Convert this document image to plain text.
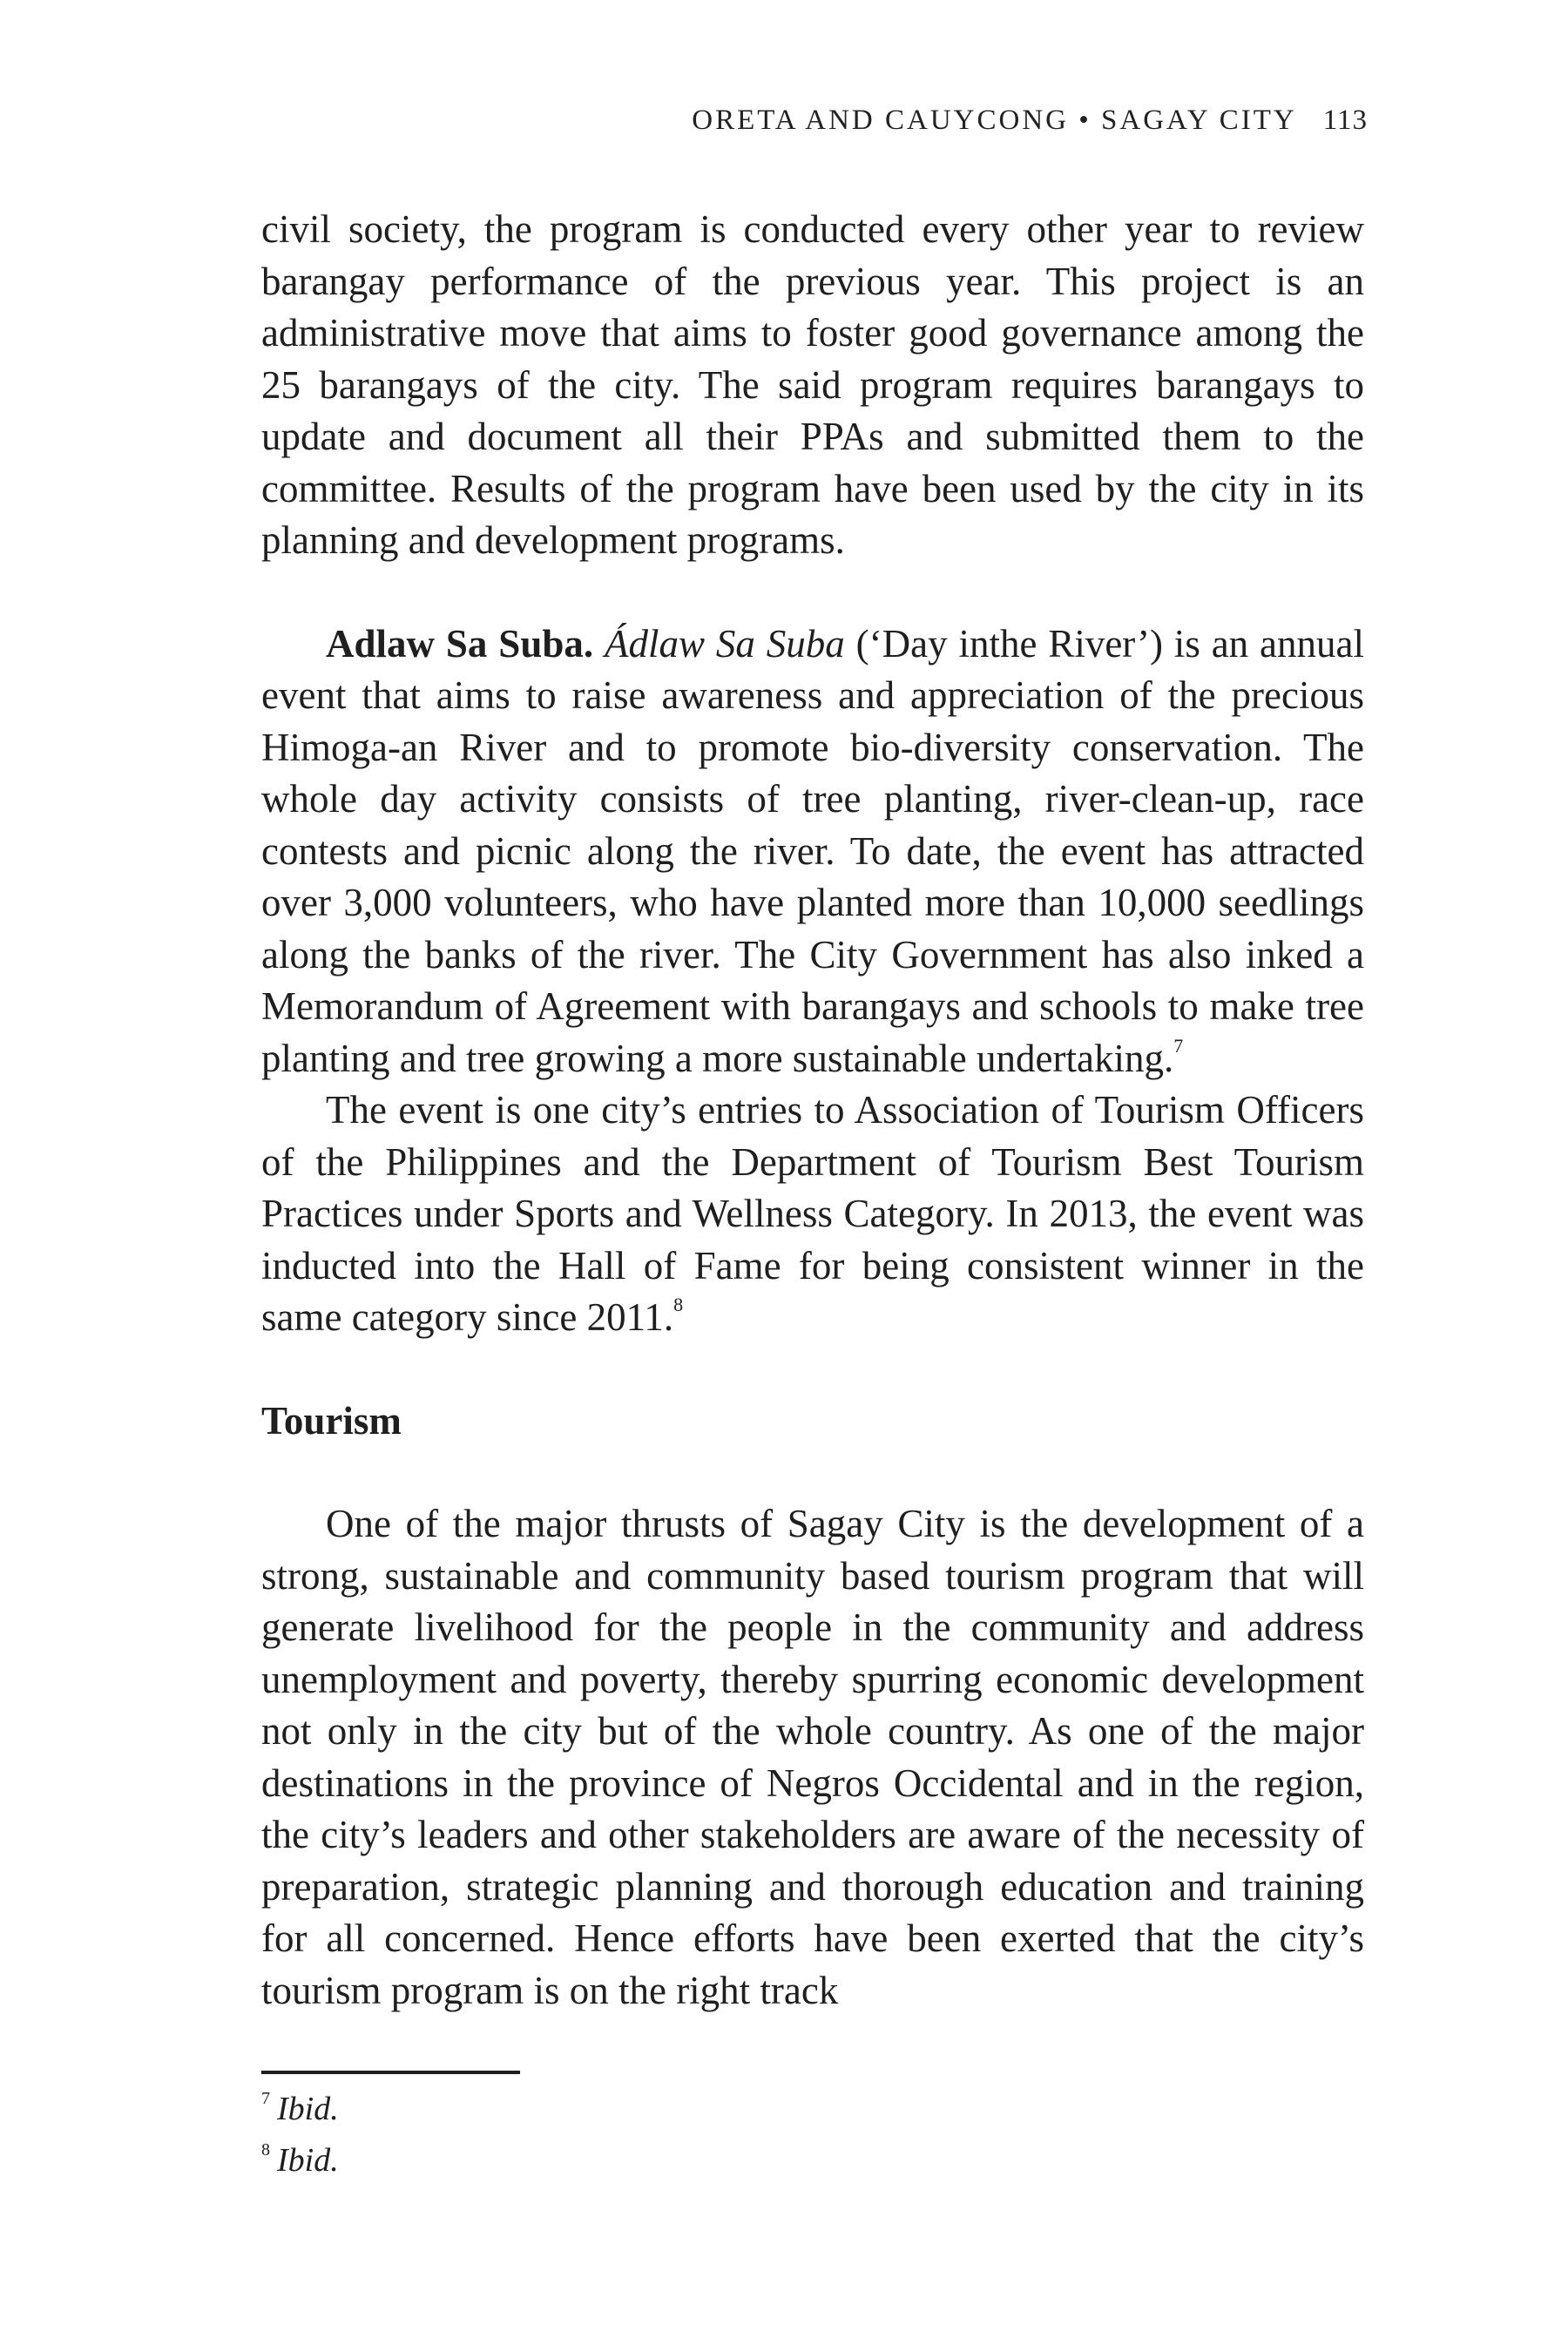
ORETA AND CAUYCONG • SAGAY CITY 113

civil society, the program is conducted every other year to review barangay performance of the previous year. This project is an administrative move that aims to foster good governance among the 25 barangays of the city. The said program requires barangays to update and document all their PPAs and submitted them to the committee. Results of the program have been used by the city in its planning and development programs.

Adlaw Sa Suba. Ádlaw Sa Suba (‘Day inthe River’) is an annual event that aims to raise awareness and appreciation of the precious Himoga-an River and to promote bio-diversity conservation. The whole day activity consists of tree planting, river-clean-up, race contests and picnic along the river. To date, the event has attracted over 3,000 volunteers, who have planted more than 10,000 seedlings along the banks of the river. The City Government has also inked a Memorandum of Agreement with barangays and schools to make tree planting and tree growing a more sustainable undertaking.$^7$

The event is one city’s entries to Association of Tourism Officers of the Philippines and the Department of Tourism Best Tourism Practices under Sports and Wellness Category. In 2013, the event was inducted into the Hall of Fame for being consistent winner in the same category since 2011.$^8$

Tourism

One of the major thrusts of Sagay City is the development of a strong, sustainable and community based tourism program that will generate livelihood for the people in the community and address unemployment and poverty, thereby spurring economic development not only in the city but of the whole country. As one of the major destinations in the province of Negros Occidental and in the region, the city’s leaders and other stakeholders are aware of the necessity of preparation, strategic planning and thorough education and training for all concerned. Hence efforts have been exerted that the city’s tourism program is on the right track

$^7$ Ibid.
$^8$ Ibid.
